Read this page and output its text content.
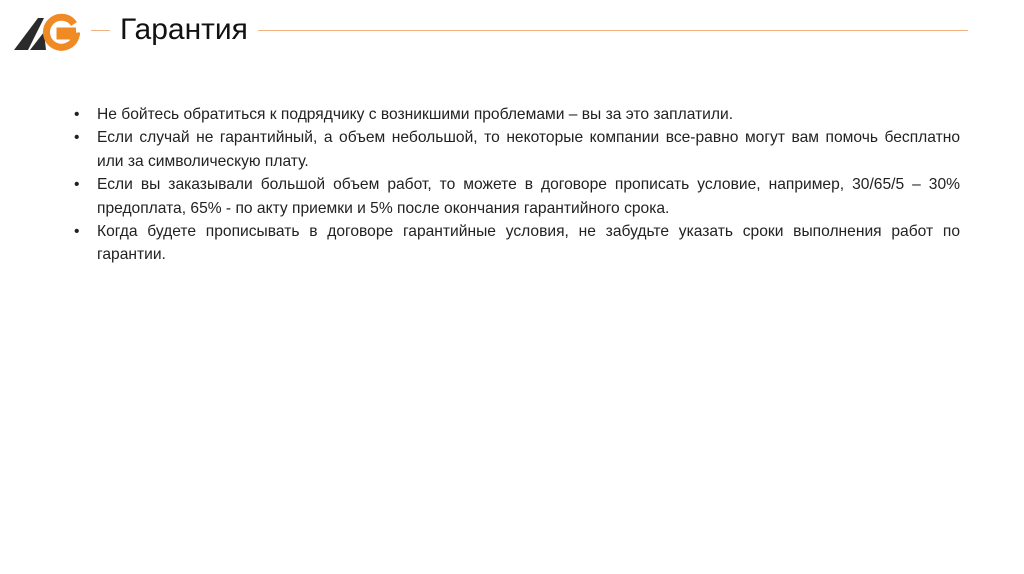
Гарантия
• Не бойтесь обратиться к подрядчику с возникшими проблемами – вы за это заплатили.
• Если случай не гарантийный, а объем небольшой, то некоторые компании все-равно могут вам помочь бесплатно или за символическую плату.
• Если вы заказывали большой объем работ, то можете в договоре прописать условие, например, 30/65/5 – 30% предоплата, 65% - по акту приемки и 5% после окончания гарантийного срока.
• Когда будете прописывать в договоре гарантийные условия, не забудьте указать сроки выполнения работ по гарантии.
